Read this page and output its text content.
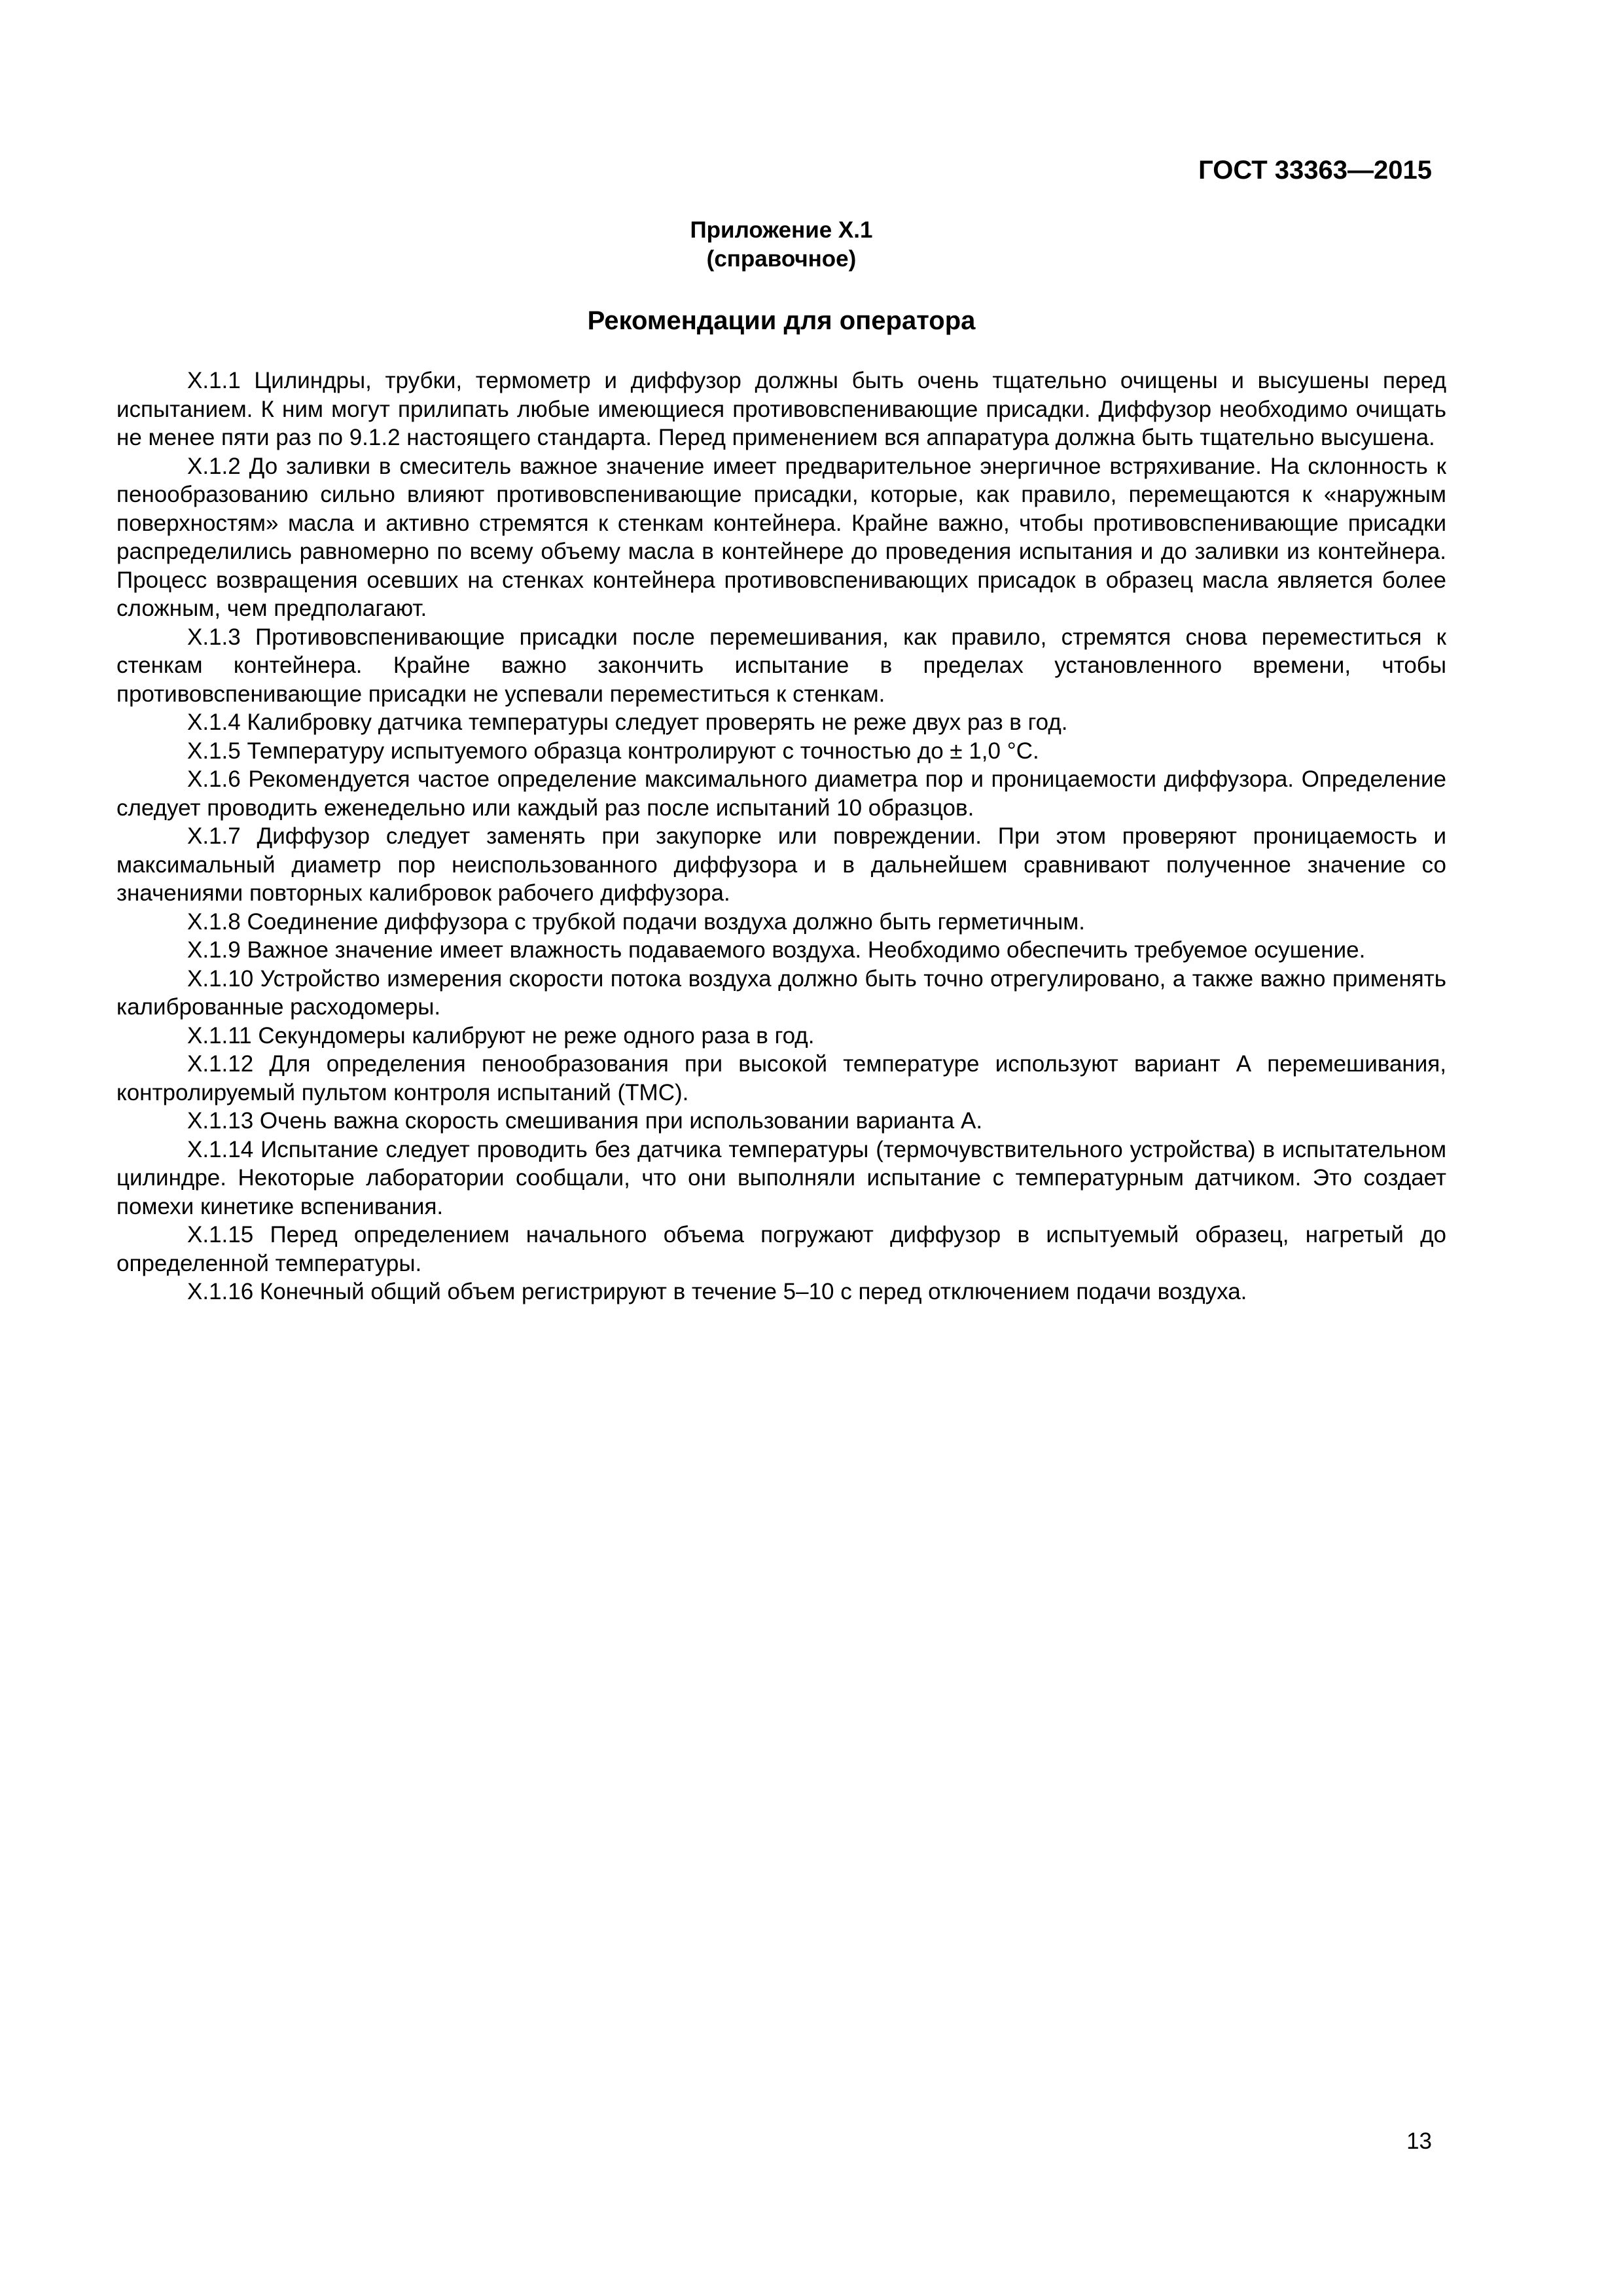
ГОСТ 33363—2015
Приложение Х.1
(справочное)
Рекомендации для оператора

Х.1.1 Цилиндры, трубки, термометр и диффузор должны быть очень тщательно очищены и высушены перед испытанием. К ним могут прилипать любые имеющиеся противовспенивающие присадки. Диффузор необходимо очищать не менее пяти раз по 9.1.2 настоящего стандарта. Перед применением вся аппаратура должна быть тщательно высушена.

Х.1.2 До заливки в смеситель важное значение имеет предварительное энергичное встряхивание. На склонность к пенообразованию сильно влияют противовспенивающие присадки, которые, как правило, перемещаются к «наружным поверхностям» масла и активно стремятся к стенкам контейнера. Крайне важно, чтобы противовспенивающие присадки распределились равномерно по всему объему масла в контейнере до проведения испытания и до заливки из контейнера. Процесс возвращения осевших на стенках контейнера противовспенивающих присадок в образец масла является более сложным, чем предполагают.

Х.1.3 Противовспенивающие присадки после перемешивания, как правило, стремятся снова переместиться к стенкам контейнера. Крайне важно закончить испытание в пределах установленного времени, чтобы противовспенивающие присадки не успевали переместиться к стенкам.

Х.1.4 Калибровку датчика температуры следует проверять не реже двух раз в год.

Х.1.5 Температуру испытуемого образца контролируют с точностью до ± 1,0 °С.

Х.1.6 Рекомендуется частое определение максимального диаметра пор и проницаемости диффузора. Определение следует проводить еженедельно или каждый раз после испытаний 10 образцов.

Х.1.7 Диффузор следует заменять при закупорке или повреждении. При этом проверяют проницаемость и максимальный диаметр пор неиспользованного диффузора и в дальнейшем сравнивают полученное значение со значениями повторных калибровок рабочего диффузора.

Х.1.8 Соединение диффузора с трубкой подачи воздуха должно быть герметичным.

Х.1.9 Важное значение имеет влажность подаваемого воздуха. Необходимо обеспечить требуемое осушение.

Х.1.10 Устройство измерения скорости потока воздуха должно быть точно отрегулировано, а также важно применять калиброванные расходомеры.

Х.1.11 Секундомеры калибруют не реже одного раза в год.

Х.1.12 Для определения пенообразования при высокой температуре используют вариант А перемешивания, контролируемый пультом контроля испытаний (ТМС).

Х.1.13 Очень важна скорость смешивания при использовании варианта А.

Х.1.14 Испытание следует проводить без датчика температуры (термочувствительного устройства) в испытательном цилиндре. Некоторые лаборатории сообщали, что они выполняли испытание с температурным датчиком. Это создает помехи кинетике вспенивания.

Х.1.15 Перед определением начального объема погружают диффузор в испытуемый образец, нагретый до определенной температуры.

Х.1.16 Конечный общий объем регистрируют в течение 5–10 с перед отключением подачи воздуха.

13
